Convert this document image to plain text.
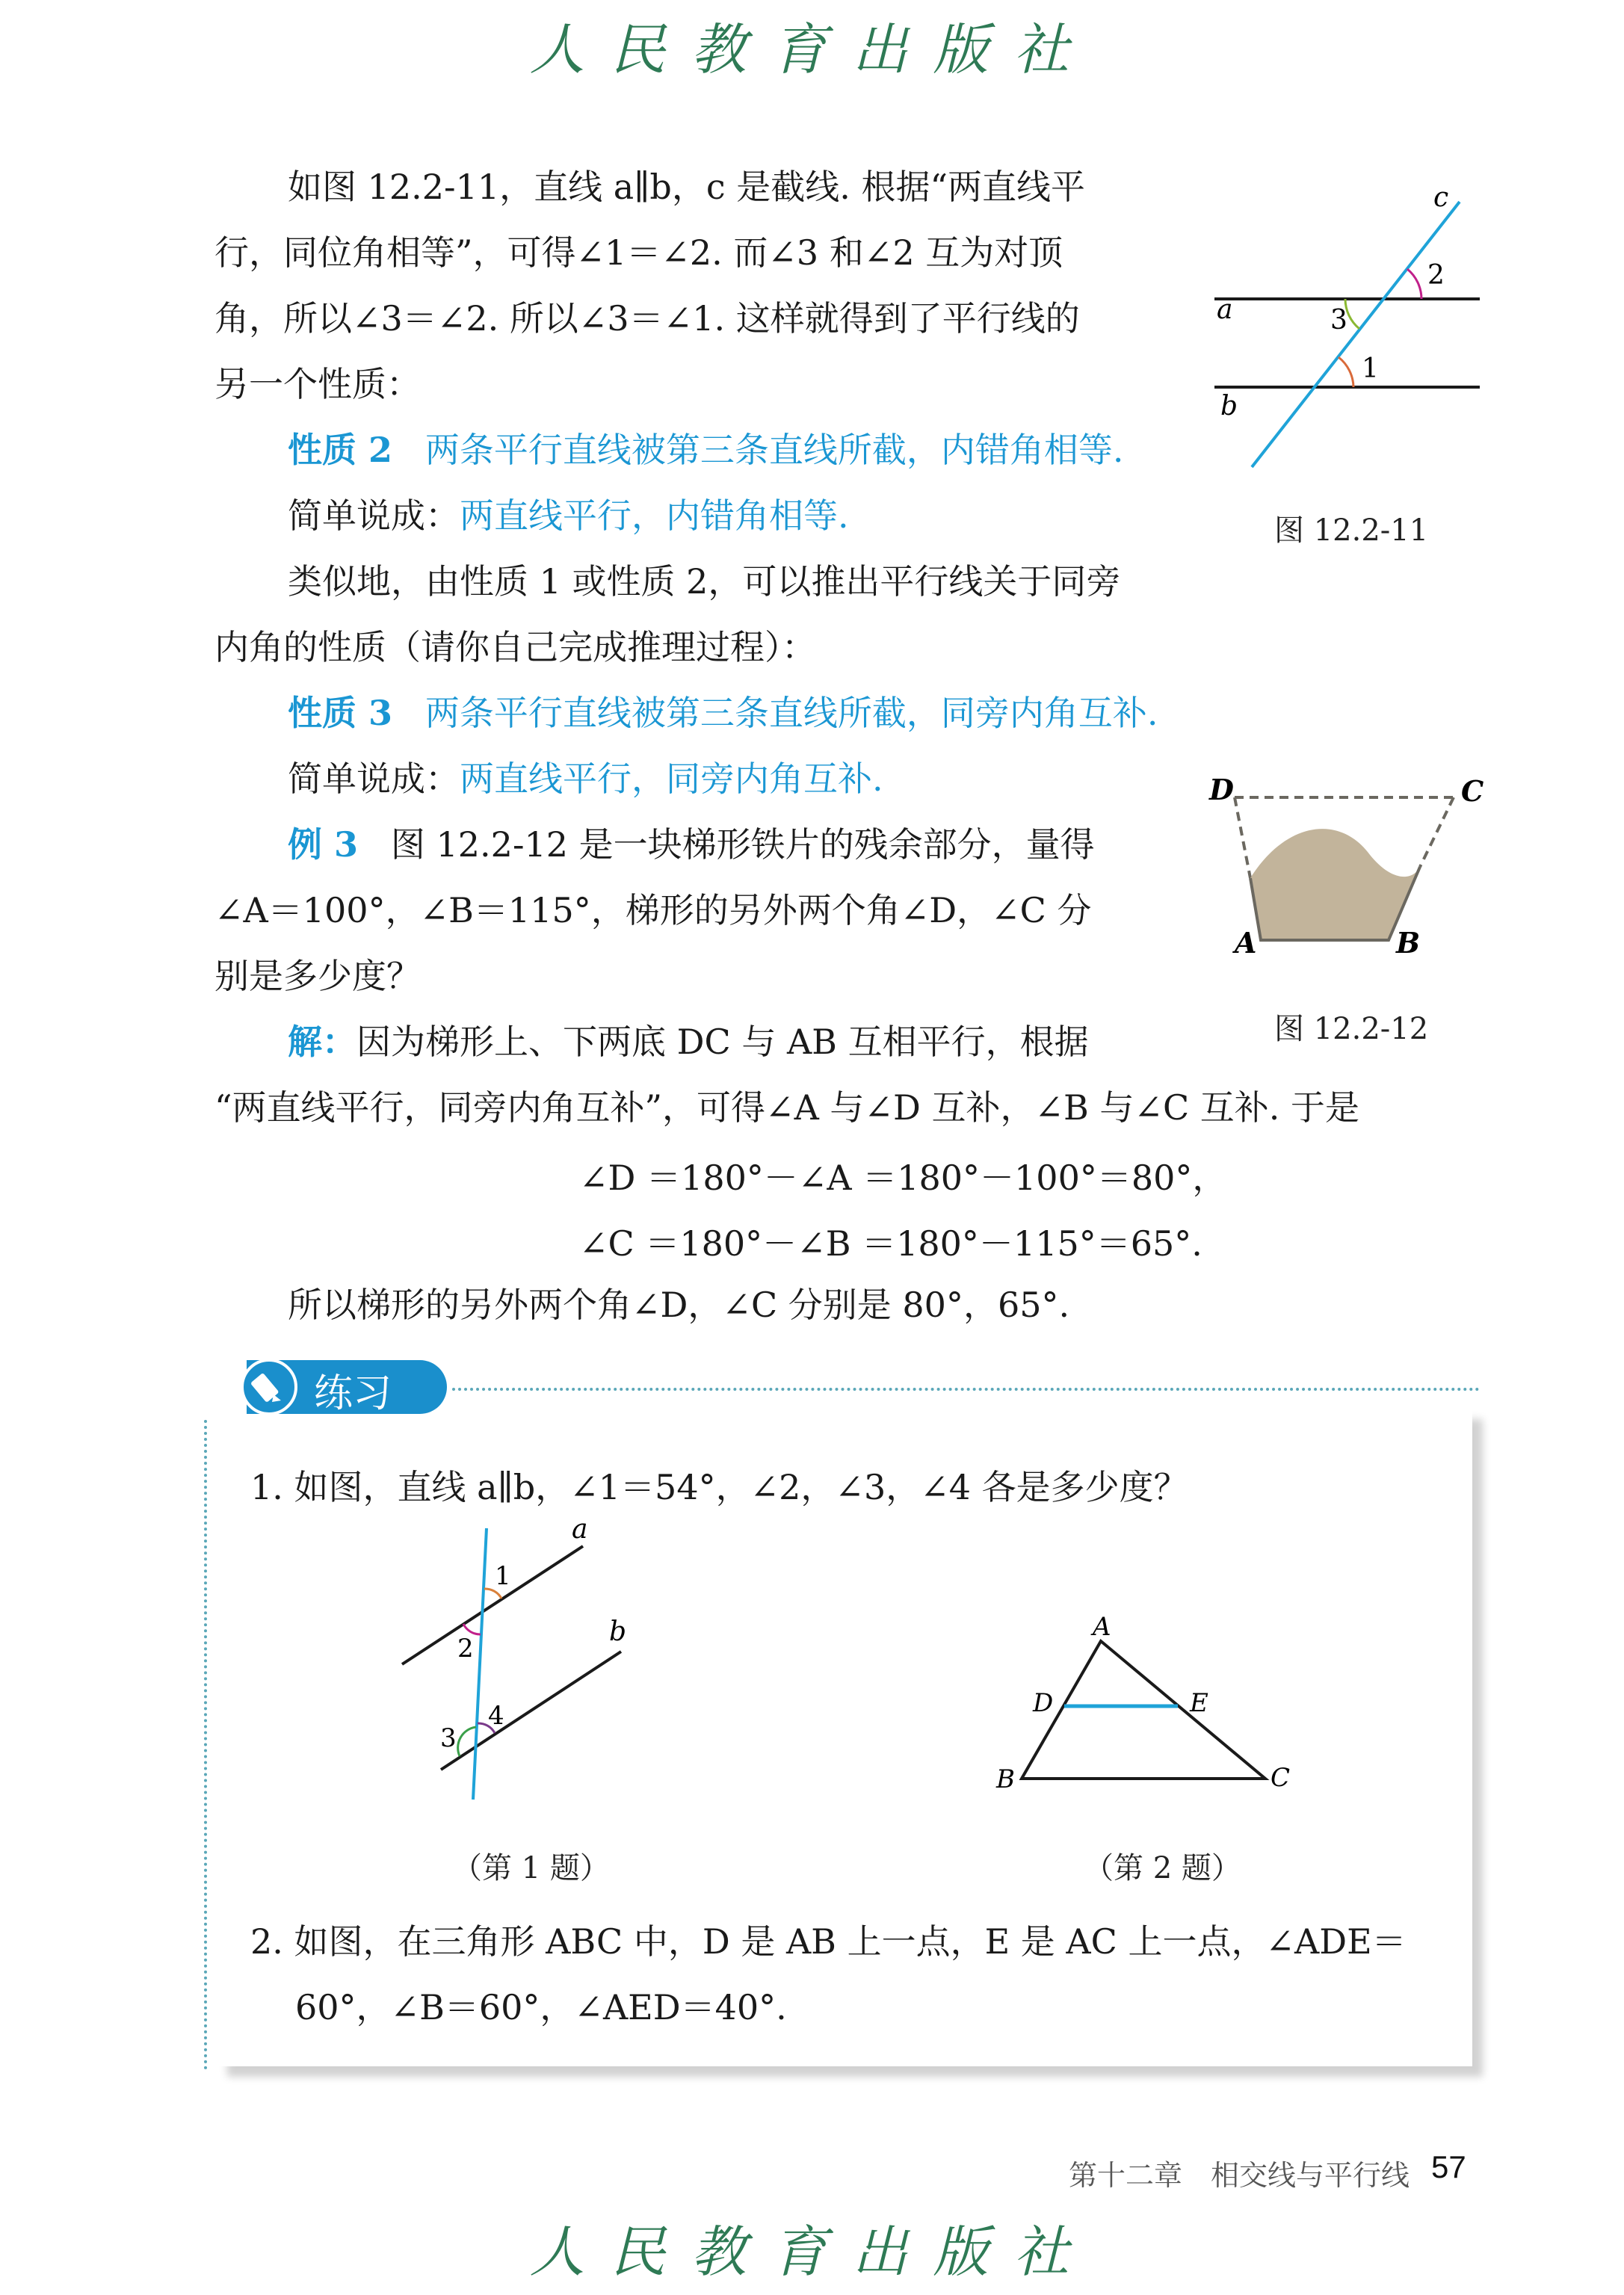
人民教育出版社
如图 12.2-11，直线 a∥b，c 是截线. 根据“两直线平
行，同位角相等”，可得∠1＝∠2. 而∠3 和∠2 互为对顶
角，所以∠3＝∠2. 所以∠3＝∠1. 这样就得到了平行线的
另一个性质：
性质 2 两条平行直线被第三条直线所截，内错角相等.
简单说成：两直线平行，内错角相等.
类似地，由性质 1 或性质 2，可以推出平行线关于同旁
内角的性质（请你自己完成推理过程）：
性质 3 两条平行直线被第三条直线所截，同旁内角互补.
简单说成：两直线平行，同旁内角互补.
例 3 图 12.2-12 是一块梯形铁片的残余部分，量得
∠A＝100°，∠B＝115°，梯形的另外两个角∠D，∠C 分
别是多少度？
解：因为梯形上、下两底 DC 与 AB 互相平行，根据
“两直线平行，同旁内角互补”，可得∠A 与∠D 互补，∠B 与∠C 互补. 于是
∠D ＝180°－∠A ＝180°－100°＝80°，
∠C ＝180°－∠B ＝180°－115°＝65°.
所以梯形的另外两个角∠D，∠C 分别是 80°，65°.
c
2
a	3
1
b
图 12.2-11
D	C
A	B
图 12.2-12
练习
1. 如图，直线 a∥b，∠1＝54°，∠2，∠3，∠4 各是多少度？
a
b
1
2
3
4
（第 1 题）
A
B	C
D	E
（第 2 题）
2. 如图，在三角形 ABC 中，D 是 AB 上一点，E 是 AC 上一点，∠ADE＝
60°，∠B＝60°，∠AED＝40°.
第十二章　相交线与平行线 57
人民教育出版社
